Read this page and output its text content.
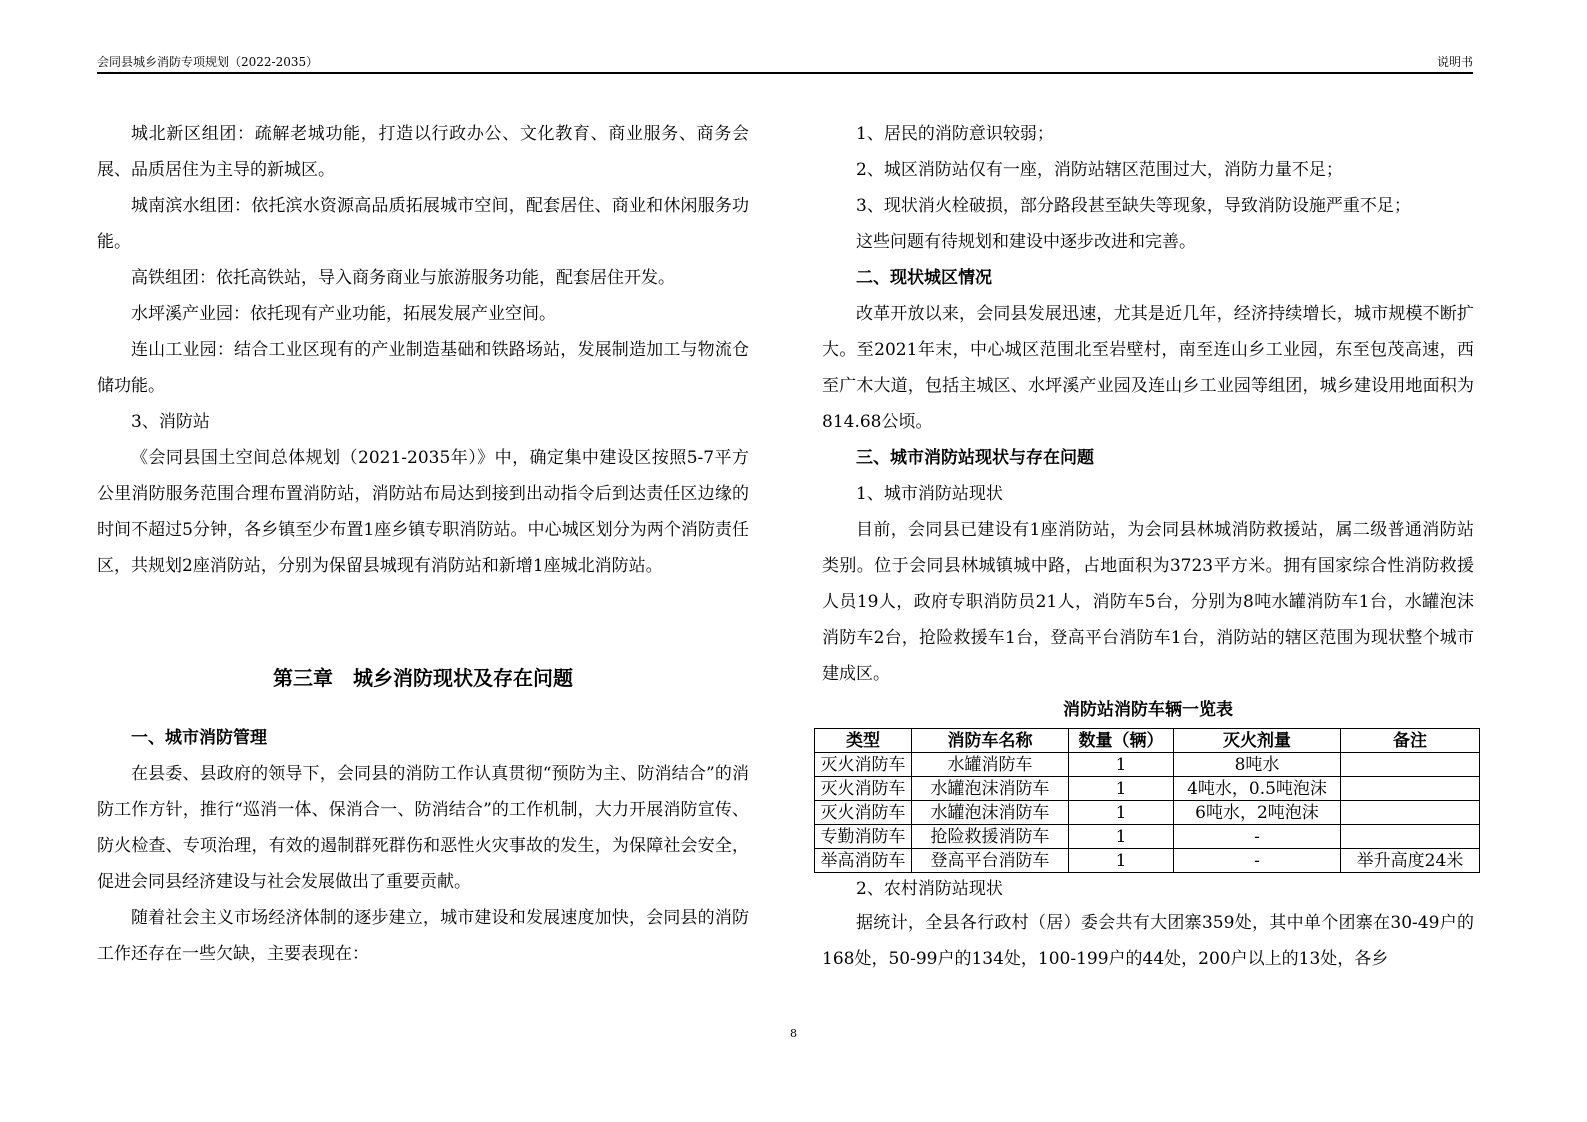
会同县城乡消防专项规划（2022-2035）	说明书

城北新区组团：疏解老城功能，打造以行政办公、文化教育、商业服务、商务会展、品质居住为主导的新城区。

城南滨水组团：依托滨水资源高品质拓展城市空间，配套居住、商业和休闲服务功能。

高铁组团：依托高铁站，导入商务商业与旅游服务功能，配套居住开发。

水坪溪产业园：依托现有产业功能，拓展发展产业空间。

连山工业园：结合工业区现有的产业制造基础和铁路场站，发展制造加工与物流仓储功能。

3、消防站

《会同县国土空间总体规划（2021-2035年）》中，确定集中建设区按照5-7平方公里消防服务范围合理布置消防站，消防站布局达到接到出动指令后到达责任区边缘的时间不超过5分钟，各乡镇至少布置1座乡镇专职消防站。中心城区划分为两个消防责任区，共规划2座消防站，分别为保留县城现有消防站和新增1座城北消防站。

第三章　城乡消防现状及存在问题

一、城市消防管理

在县委、县政府的领导下，会同县的消防工作认真贯彻“预防为主、防消结合”的消防工作方针，推行“巡消一体、保消合一、防消结合”的工作机制，大力开展消防宣传、防火检查、专项治理，有效的遏制群死群伤和恶性火灾事故的发生，为保障社会安全，促进会同县经济建设与社会发展做出了重要贡献。

随着社会主义市场经济体制的逐步建立，城市建设和发展速度加快，会同县的消防工作还存在一些欠缺，主要表现在：

1、居民的消防意识较弱；

2、城区消防站仅有一座，消防站辖区范围过大，消防力量不足；

3、现状消火栓破损，部分路段甚至缺失等现象，导致消防设施严重不足；

这些问题有待规划和建设中逐步改进和完善。

二、现状城区情况

改革开放以来，会同县发展迅速，尤其是近几年，经济持续增长，城市规模不断扩大。至2021年末，中心城区范围北至岩壁村，南至连山乡工业园，东至包茂高速，西至广木大道，包括主城区、水坪溪产业园及连山乡工业园等组团，城乡建设用地面积为814.68公顷。

三、城市消防站现状与存在问题

1、城市消防站现状

目前，会同县已建设有1座消防站，为会同县林城消防救援站，属二级普通消防站类别。位于会同县林城镇城中路，占地面积为3723平方米。拥有国家综合性消防救援人员19人，政府专职消防员21人，消防车5台，分别为8吨水罐消防车1台，水罐泡沫消防车2台，抢险救援车1台，登高平台消防车1台，消防站的辖区范围为现状整个城市建成区。

消防站消防车辆一览表

类型	消防车名称	数量（辆）	灭火剂量	备注
灭火消防车	水罐消防车	1	8吨水	
灭火消防车	水罐泡沫消防车	1	4吨水，0.5吨泡沫	
灭火消防车	水罐泡沫消防车	1	6吨水，2吨泡沫	
专勤消防车	抢险救援消防车	1	-	
举高消防车	登高平台消防车	1	-	举升高度24米

2、农村消防站现状

据统计，全县各行政村（居）委会共有大团寨359处，其中单个团寨在30-49户的168处，50-99户的134处，100-199户的44处，200户以上的13处，各乡

8
